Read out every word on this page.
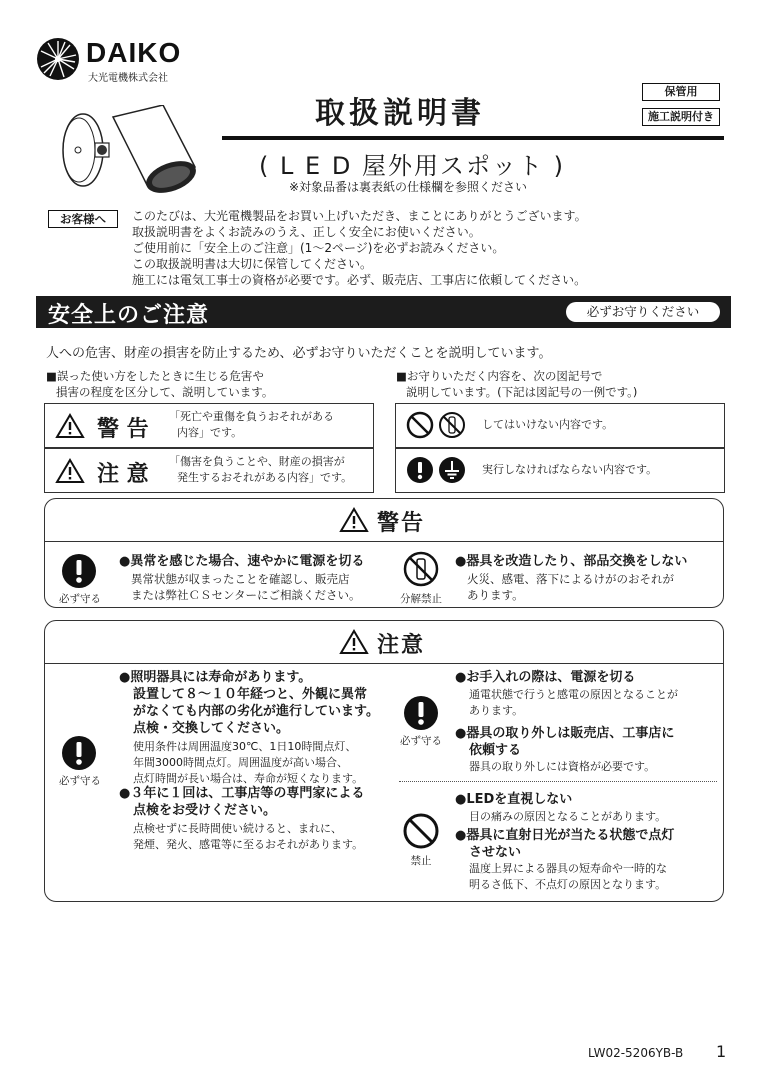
DAIKO
大光電機株式会社
保管用
施工説明付き
取扱説明書
( L E D 屋外用スポット )
※対象品番は裏表紙の仕様欄を参照ください
お客様へ	このたびは、大光電機製品をお買い上げいただき、まことにありがとうございます。
取扱説明書をよくお読みのうえ、正しく安全にお使いください。
ご使用前に「安全上のご注意」(1～2ページ)を必ずお読みください。
この取扱説明書は大切に保管してください。
施工には電気工事士の資格が必要です。必ず、販売店、工事店に依頼してください。
安全上のご注意	必ずお守りください
人への危害、財産の損害を防止するため、必ずお守りいただくことを説明しています。
■誤った使い方をしたときに生じる危害や
損害の程度を区分して、説明しています。
■お守りいただく内容を、次の図記号で
説明しています。(下記は図記号の一例です。)
警 告
「死亡や重傷を負うおそれがある
内容」です。
注 意
「傷害を負うことや、財産の損害が
発生するおそれがある内容」です。
してはいけない内容です。
実行しなければならない内容です。
警告
必ず守る
●異常を感じた場合、速やかに電源を切る
異常状態が収まったことを確認し、販売店
または弊社ＣＳセンターにご相談ください。	分解禁止
●器具を改造したり、部品交換をしない
火災、感電、落下によるけがのおそれが
あります。
注意
必ず守る
●照明器具には寿命があります。
設置して８～１０年経つと、外観に異常
がなくても内部の劣化が進行しています。
点検・交換してください。
使用条件は周囲温度30℃、1日10時間点灯、
年間3000時間点灯。周囲温度が高い場合、
点灯時間が長い場合は、寿命が短くなります。
●３年に１回は、工事店等の専門家による
点検をお受けください。
点検せずに長時間使い続けると、まれに、
発煙、発火、感電等に至るおそれがあります。
必ず守る
●お手入れの際は、電源を切る
通電状態で行うと感電の原因となることが
あります。
●器具の取り外しは販売店、工事店に
依頼する
器具の取り外しには資格が必要です。
禁止
●LEDを直視しない
目の痛みの原因となることがあります。
●器具に直射日光が当たる状態で点灯
させない
温度上昇による器具の短寿命や一時的な
明るさ低下、不点灯の原因となります。
LW02-5206YB-B 1
